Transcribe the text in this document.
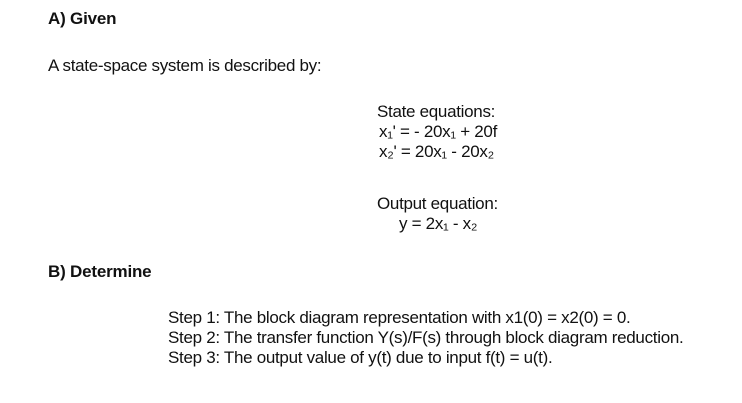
A) Given
A state-space system is described by:
State equations:
x₁' = - 20x₁ + 20f
x₂' = 20x₁ - 20x₂
Output equation:
y = 2x₁ - x₂
B) Determine
Step 1: The block diagram representation with x1(0) = x2(0) = 0.
Step 2: The transfer function Y(s)/F(s) through block diagram reduction.
Step 3: The output value of y(t) due to input f(t) = u(t).
